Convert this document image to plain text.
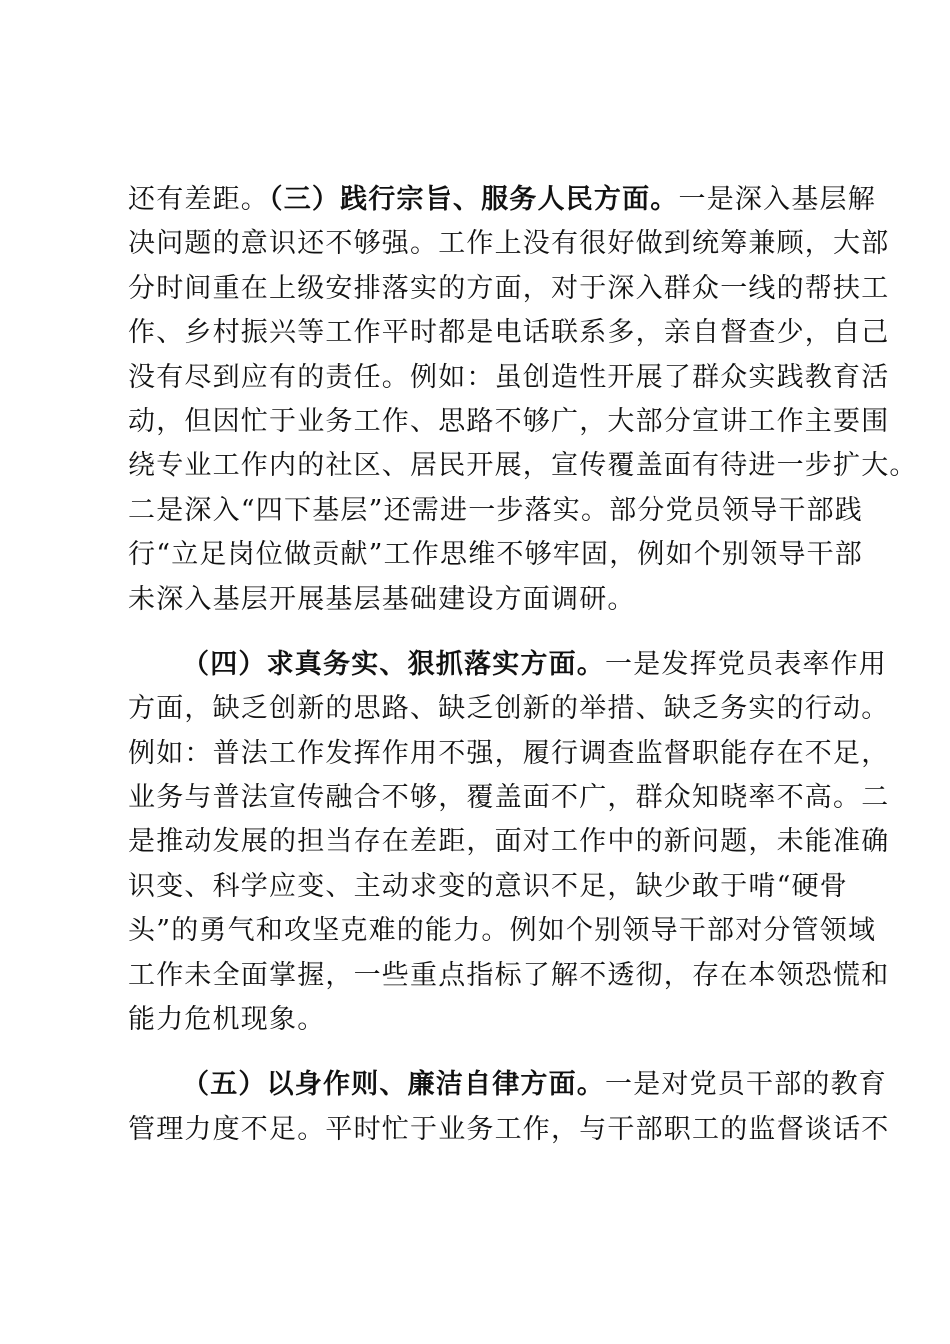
还有差距。（三）践行宗旨、服务人民方面。一是深入基层解
决问题的意识还不够强。工作上没有很好做到统筹兼顾，大部
分时间重在上级安排落实的方面，对于深入群众一线的帮扶工
作、乡村振兴等工作平时都是电话联系多，亲自督查少，自己
没有尽到应有的责任。例如：虽创造性开展了群众实践教育活
动，但因忙于业务工作、思路不够广，大部分宣讲工作主要围
绕专业工作内的社区、居民开展，宣传覆盖面有待进一步扩大。
二是深入“四下基层”还需进一步落实。部分党员领导干部践
行“立足岗位做贡献”工作思维不够牢固，例如个别领导干部
未深入基层开展基层基础建设方面调研。
（四）求真务实、狠抓落实方面。一是发挥党员表率作用
方面，缺乏创新的思路、缺乏创新的举措、缺乏务实的行动。
例如：普法工作发挥作用不强，履行调查监督职能存在不足，
业务与普法宣传融合不够，覆盖面不广，群众知晓率不高。二
是推动发展的担当存在差距，面对工作中的新问题，未能准确
识变、科学应变、主动求变的意识不足，缺少敢于啃“硬骨
头”的勇气和攻坚克难的能力。例如个别领导干部对分管领域
工作未全面掌握，一些重点指标了解不透彻，存在本领恐慌和
能力危机现象。
（五）以身作则、廉洁自律方面。一是对党员干部的教育
管理力度不足。平时忙于业务工作，与干部职工的监督谈话不
